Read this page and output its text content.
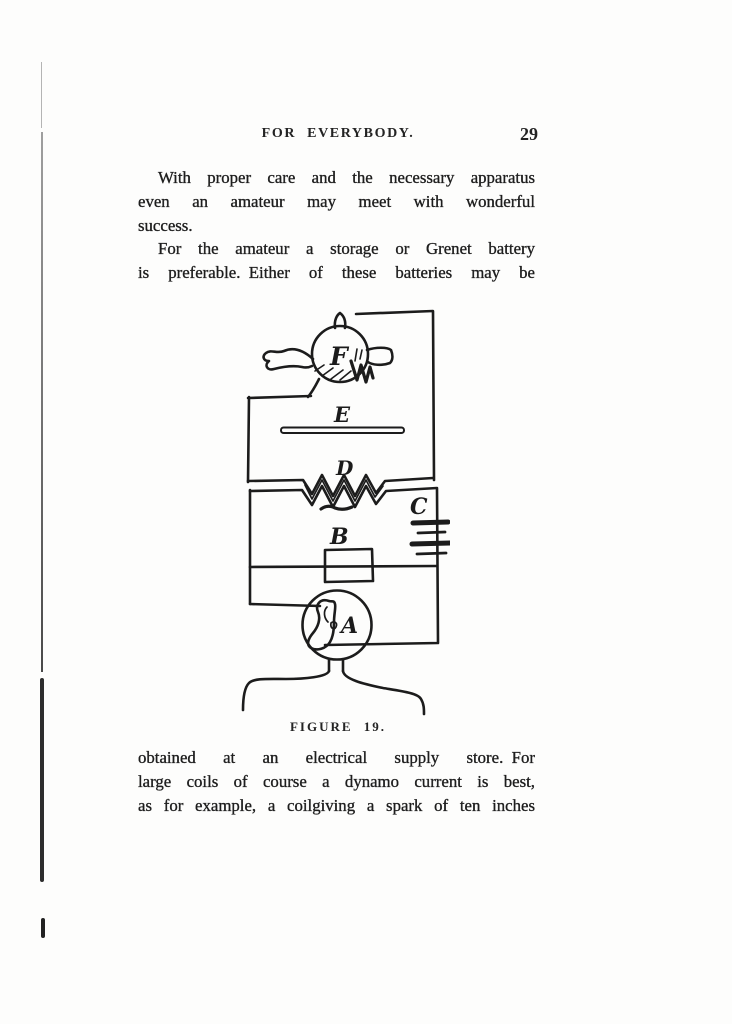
FOR EVERYBODY.	29
With proper care and the necessary apparatus
even an amateur may meet with wonderful
success.
For the amateur a storage or Grenet battery
is preferable. Either of these batteries may be
F
E
D
C
B
A
FIGURE 19.
obtained at an electrical supply store. For
large coils of course a dynamo current is best,
as for example, a coilgiving a spark of ten inches
